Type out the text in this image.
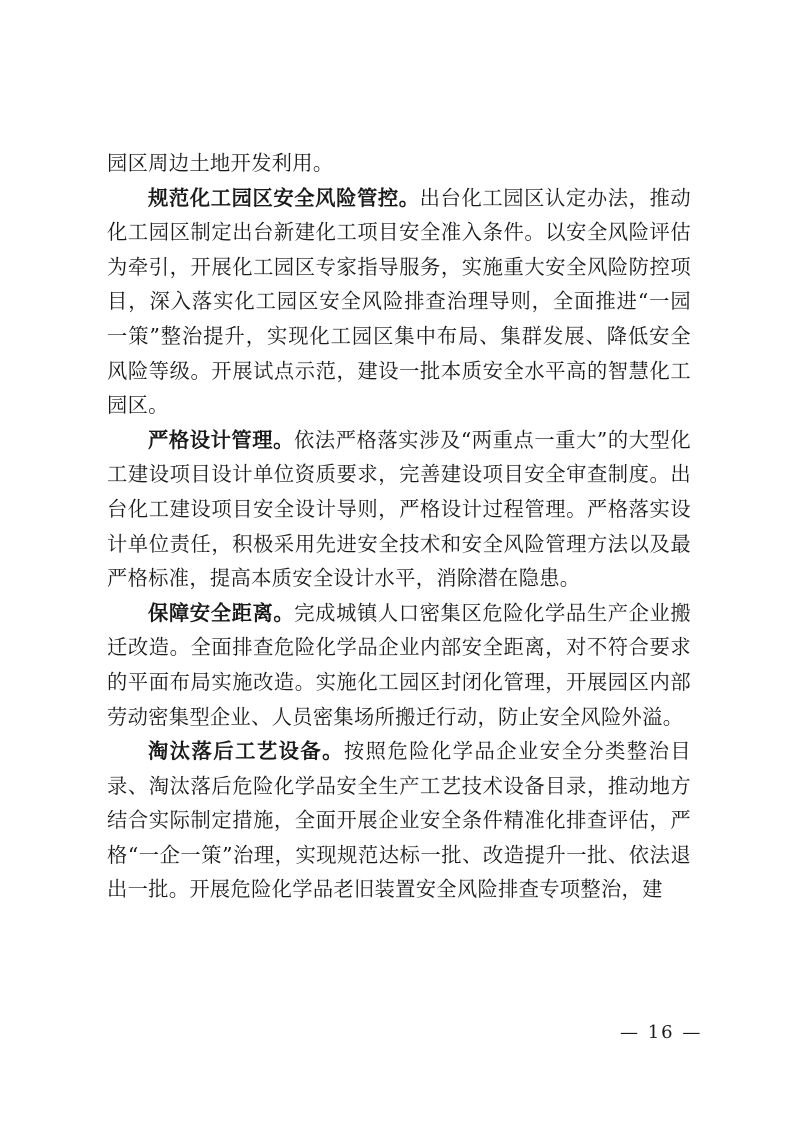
园区周边土地开发利用。

规范化工园区安全风险管控。出台化工园区认定办法，推动化工园区制定出台新建化工项目安全准入条件。以安全风险评估为牵引，开展化工园区专家指导服务，实施重大安全风险防控项目，深入落实化工园区安全风险排查治理导则，全面推进“一园一策”整治提升，实现化工园区集中布局、集群发展、降低安全风险等级。开展试点示范，建设一批本质安全水平高的智慧化工园区。

严格设计管理。依法严格落实涉及“两重点一重大”的大型化工建设项目设计单位资质要求，完善建设项目安全审查制度。出台化工建设项目安全设计导则，严格设计过程管理。严格落实设计单位责任，积极采用先进安全技术和安全风险管理方法以及最严格标准，提高本质安全设计水平，消除潜在隐患。

保障安全距离。完成城镇人口密集区危险化学品生产企业搬迁改造。全面排查危险化学品企业内部安全距离，对不符合要求的平面布局实施改造。实施化工园区封闭化管理，开展园区内部劳动密集型企业、人员密集场所搬迁行动，防止安全风险外溢。

淘汰落后工艺设备。按照危险化学品企业安全分类整治目录、淘汰落后危险化学品安全生产工艺技术设备目录，推动地方结合实际制定措施，全面开展企业安全条件精准化排查评估，严格“一企一策”治理，实现规范达标一批、改造提升一批、依法退出一批。开展危险化学品老旧装置安全风险排查专项整治，建

— 16 —
